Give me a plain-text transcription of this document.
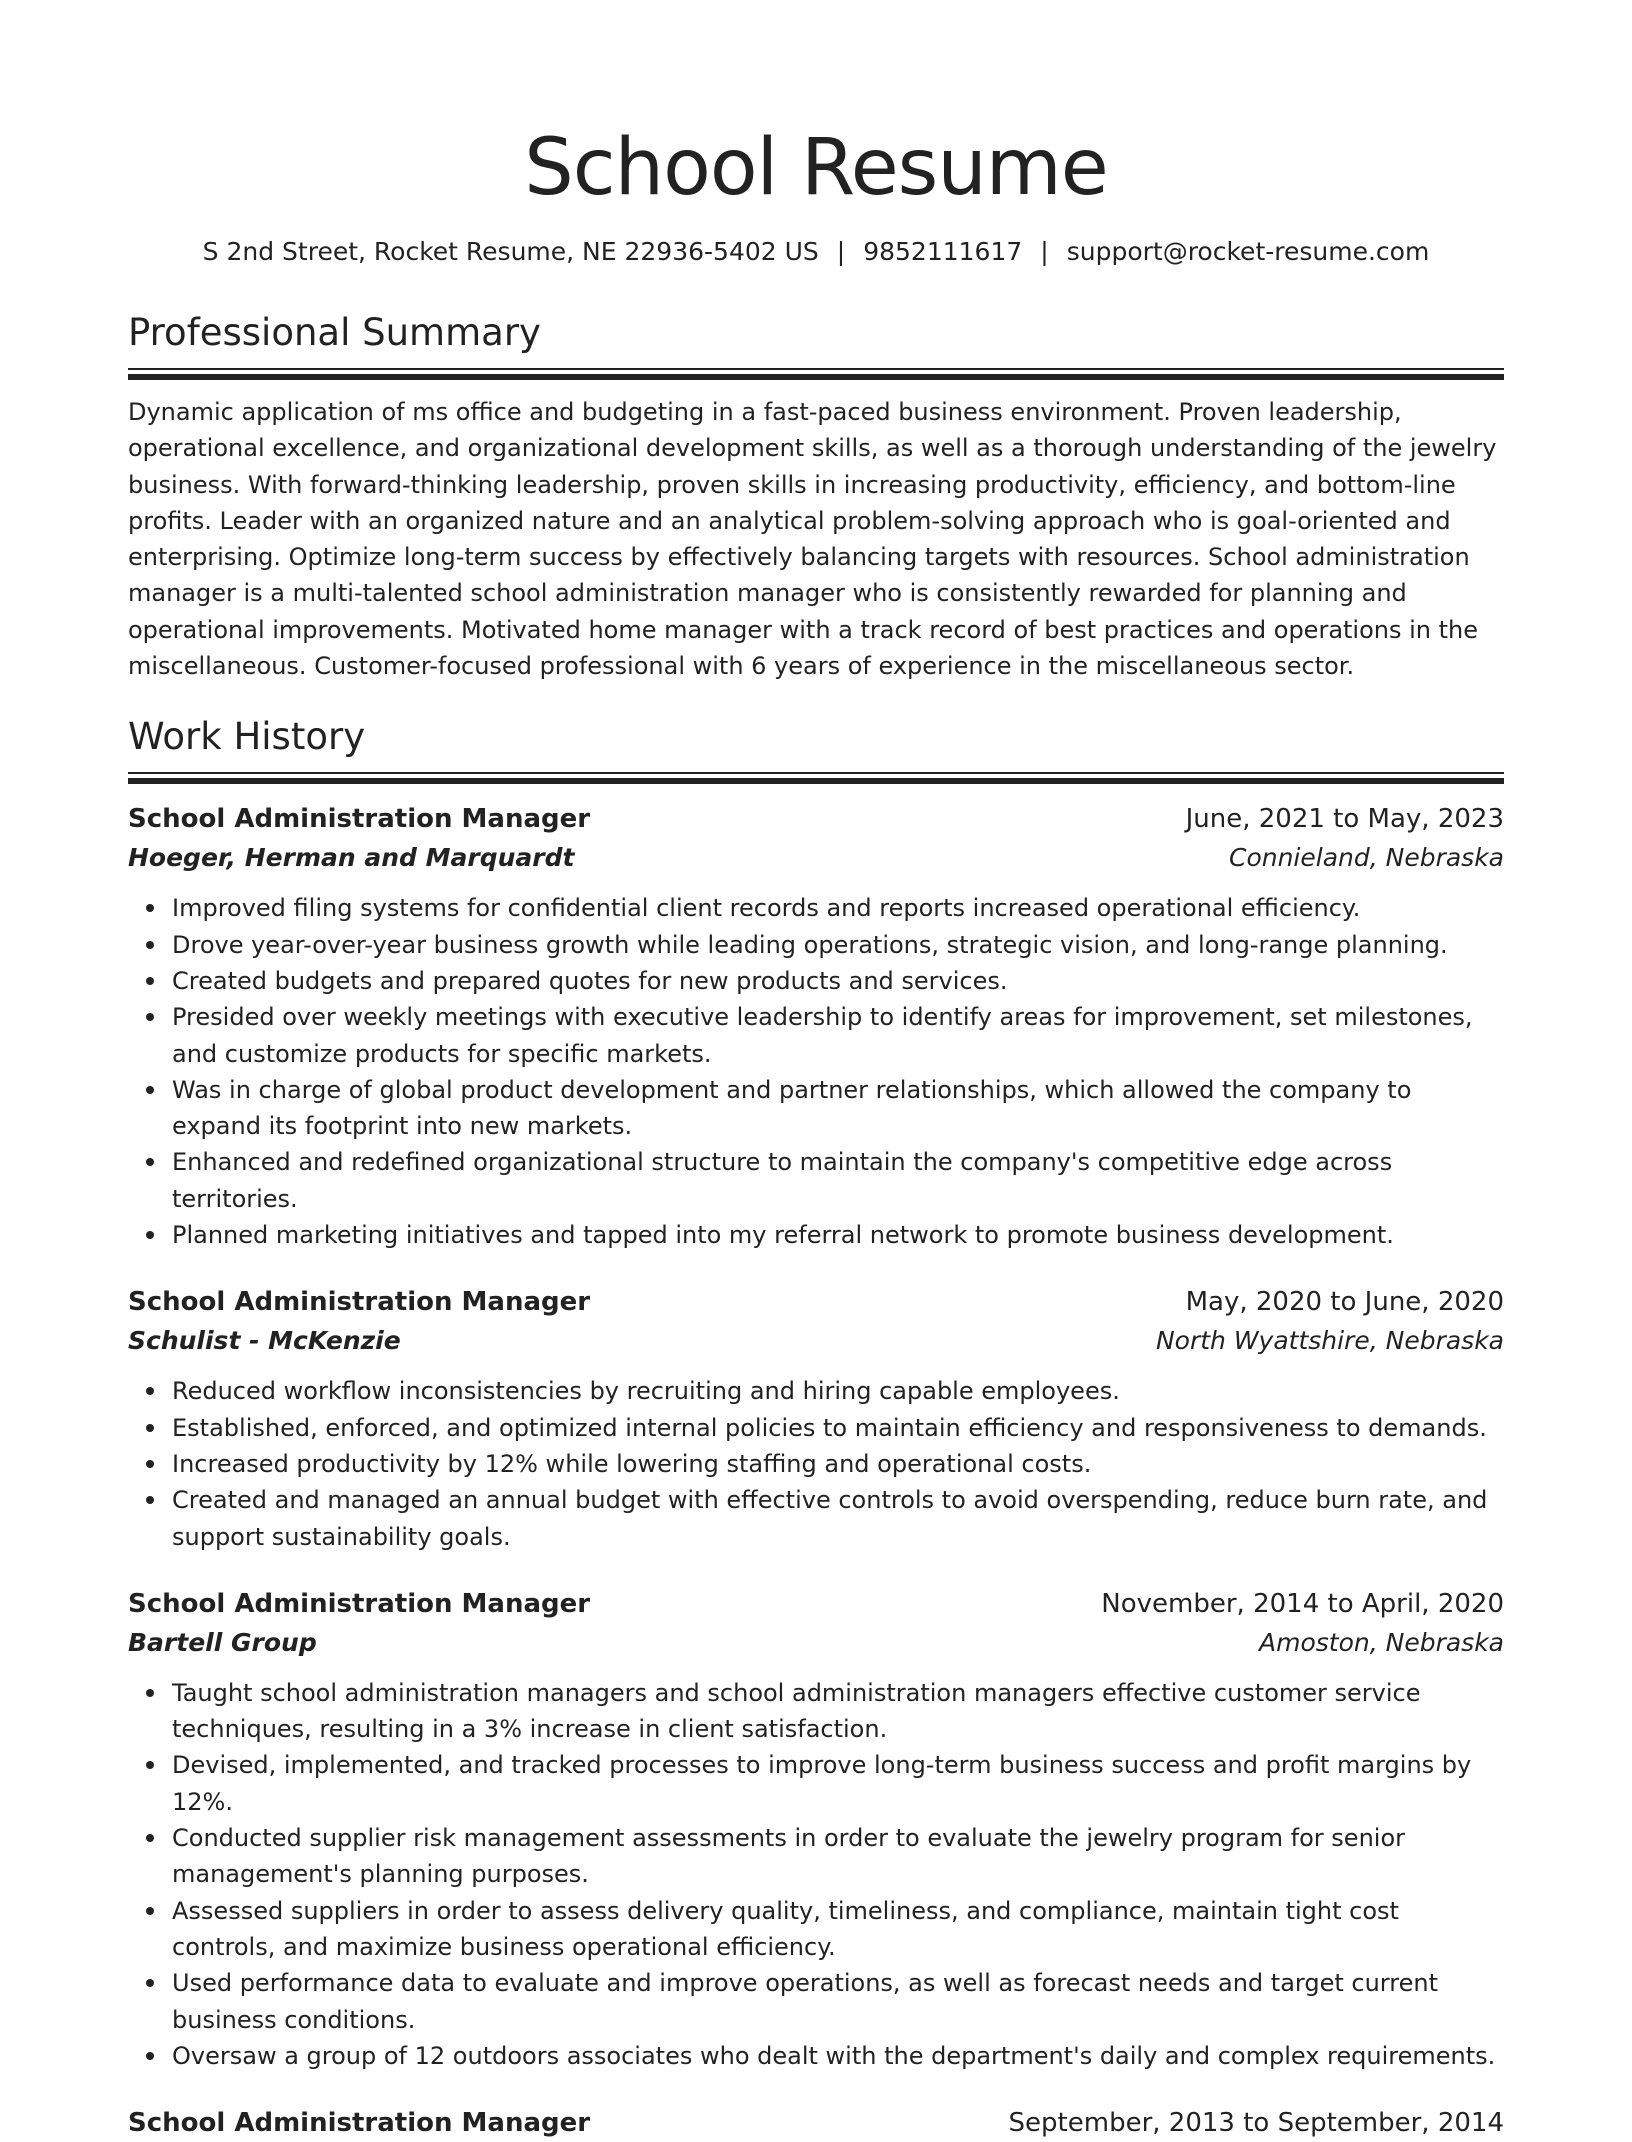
School Resume
S 2nd Street, Rocket Resume, NE 22936-5402 US | 9852111617 | support@rocket-resume.com
Professional Summary

Dynamic application of ms office and budgeting in a fast-paced business environment. Proven leadership, operational excellence, and organizational development skills, as well as a thorough understanding of the jewelry business. With forward-thinking leadership, proven skills in increasing productivity, efficiency, and bottom-line profits. Leader with an organized nature and an analytical problem-solving approach who is goal-oriented and enterprising. Optimize long-term success by effectively balancing targets with resources. School administration manager is a multi-talented school administration manager who is consistently rewarded for planning and operational improvements. Motivated home manager with a track record of best practices and operations in the miscellaneous. Customer-focused professional with 6 years of experience in the miscellaneous sector.

Work History
School Administration Manager	June, 2021 to May, 2023
Hoeger, Herman and Marquardt	Connieland, Nebraska
Improved filing systems for confidential client records and reports increased operational efficiency.
Drove year-over-year business growth while leading operations, strategic vision, and long-range planning.
Created budgets and prepared quotes for new products and services.
Presided over weekly meetings with executive leadership to identify areas for improvement, set milestones, and customize products for specific markets.
Was in charge of global product development and partner relationships, which allowed the company to expand its footprint into new markets.
Enhanced and redefined organizational structure to maintain the company's competitive edge across territories.
Planned marketing initiatives and tapped into my referral network to promote business development.
School Administration Manager	May, 2020 to June, 2020
Schulist - McKenzie	North Wyattshire, Nebraska
Reduced workflow inconsistencies by recruiting and hiring capable employees.
Established, enforced, and optimized internal policies to maintain efficiency and responsiveness to demands.
Increased productivity by 12% while lowering staffing and operational costs.
Created and managed an annual budget with effective controls to avoid overspending, reduce burn rate, and support sustainability goals.
School Administration Manager	November, 2014 to April, 2020
Bartell Group	Amoston, Nebraska
Taught school administration managers and school administration managers effective customer service techniques, resulting in a 3% increase in client satisfaction.
Devised, implemented, and tracked processes to improve long-term business success and profit margins by 12%.
Conducted supplier risk management assessments in order to evaluate the jewelry program for senior management's planning purposes.
Assessed suppliers in order to assess delivery quality, timeliness, and compliance, maintain tight cost controls, and maximize business operational efficiency.
Used performance data to evaluate and improve operations, as well as forecast needs and target current business conditions.
Oversaw a group of 12 outdoors associates who dealt with the department's daily and complex requirements.
School Administration Manager	September, 2013 to September, 2014
